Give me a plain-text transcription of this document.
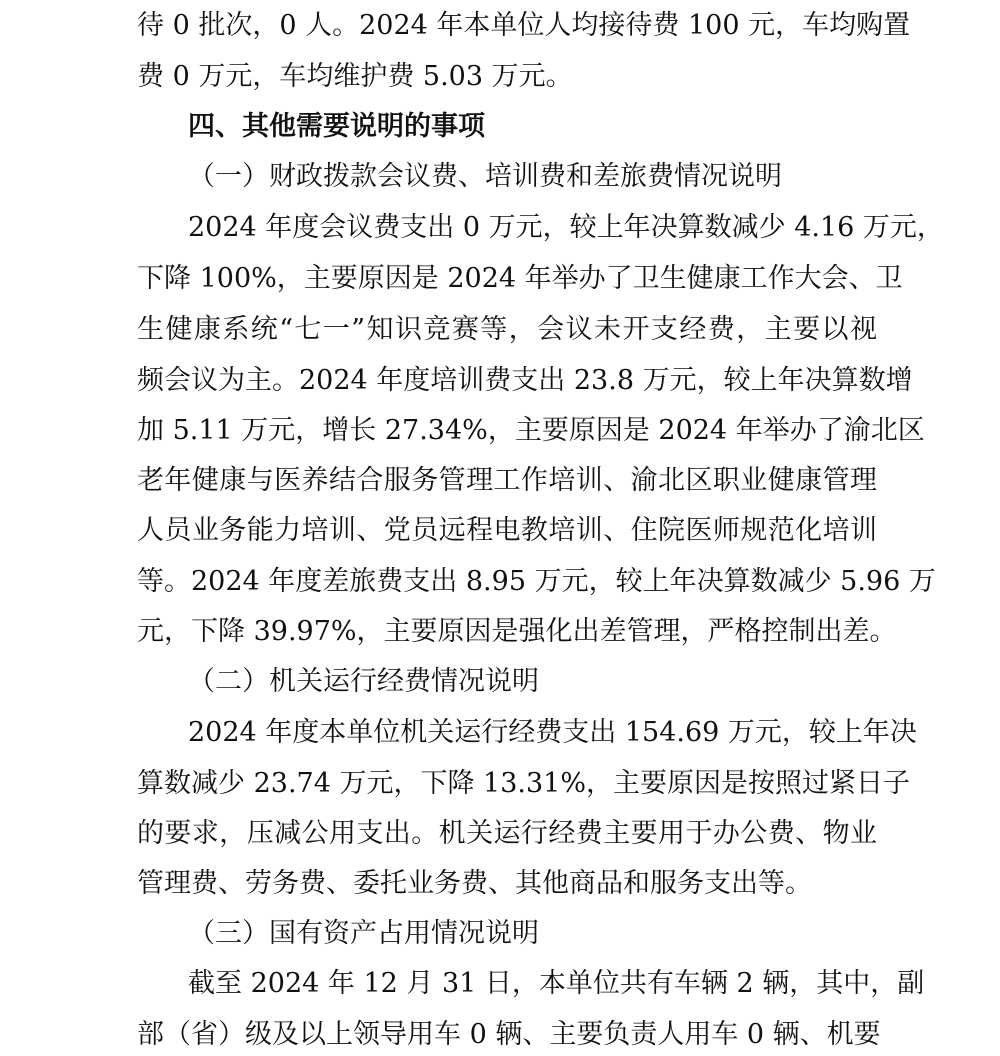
待 0 批次，0 人。2024 年本单位人均接待费 100 元，车均购置
费 0 万元，车均维护费 5.03 万元。
四、其他需要说明的事项
（一）财政拨款会议费、培训费和差旅费情况说明
2024 年度会议费支出 0 万元，较上年决算数减少 4.16 万元，
下降 100%，主要原因是 2024 年举办了卫生健康工作大会、卫
生健康系统“七一”知识竞赛等，会议未开支经费，主要以视
频会议为主。2024 年度培训费支出 23.8 万元，较上年决算数增
加 5.11 万元，增长 27.34%，主要原因是 2024 年举办了渝北区
老年健康与医养结合服务管理工作培训、渝北区职业健康管理
人员业务能力培训、党员远程电教培训、住院医师规范化培训
等。2024 年度差旅费支出 8.95 万元，较上年决算数减少 5.96 万
元，下降 39.97%，主要原因是强化出差管理，严格控制出差。
（二）机关运行经费情况说明
2024 年度本单位机关运行经费支出 154.69 万元，较上年决
算数减少 23.74 万元，下降 13.31%，主要原因是按照过紧日子
的要求，压减公用支出。机关运行经费主要用于办公费、物业
管理费、劳务费、委托业务费、其他商品和服务支出等。
（三）国有资产占用情况说明
截至 2024 年 12 月 31 日，本单位共有车辆 2 辆，其中，副
部（省）级及以上领导用车 0 辆、主要负责人用车 0 辆、机要
